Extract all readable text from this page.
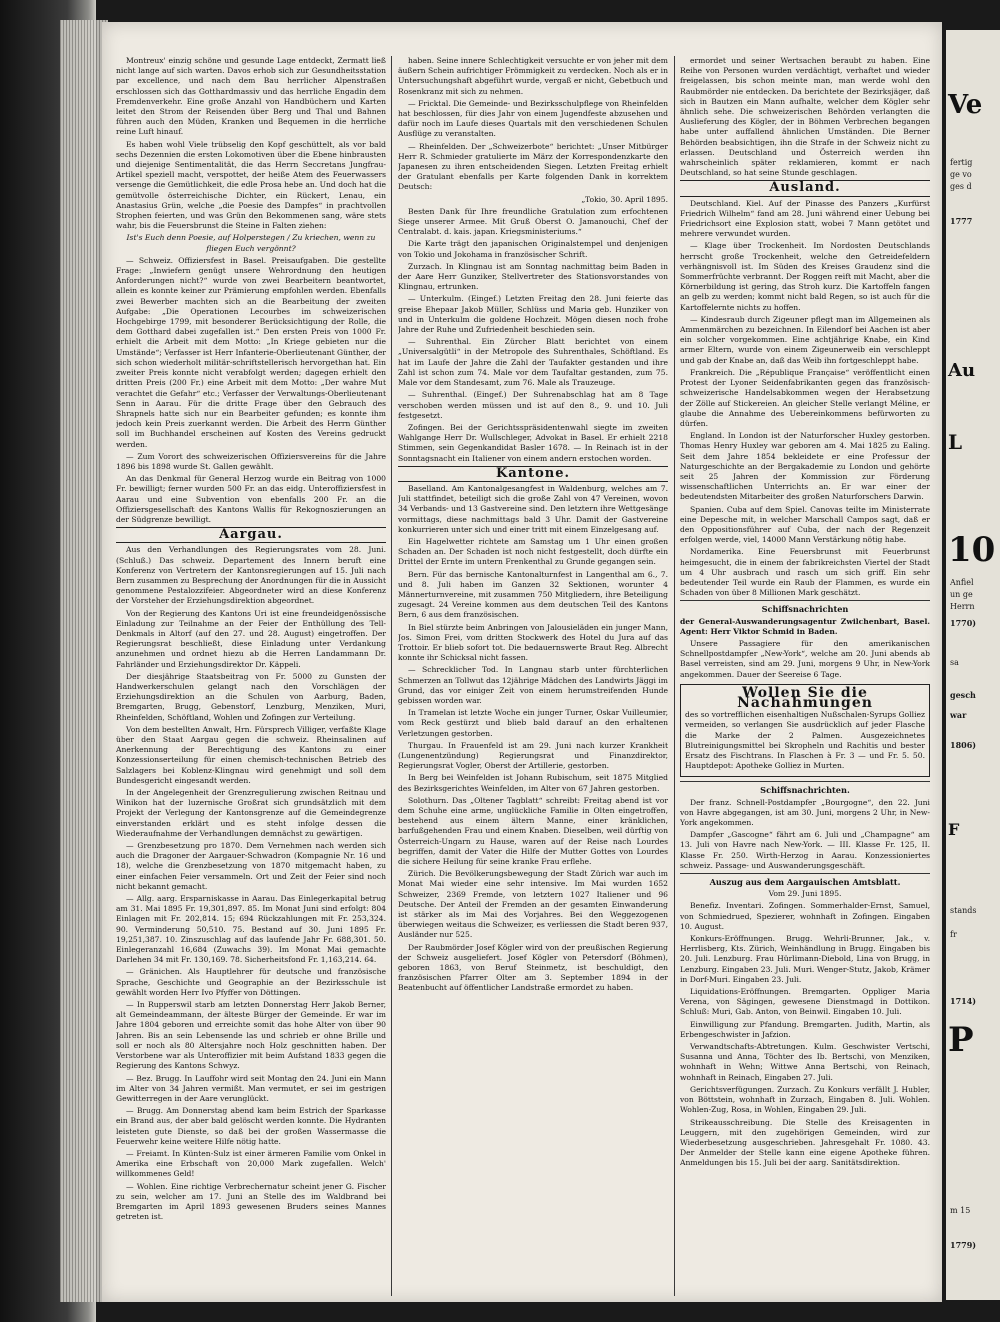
Montreux' einzig schöne und gesunde Lage entdeckt, Zermatt ließ nicht lange auf sich warten. Davos erhob sich zur Gesundheitsstation par excellence, und nach dem Bau herrlicher Alpenstraßen erschlossen sich das Gotthardmassiv und das herrliche Engadin dem Fremdenverkehr. Eine große Anzahl von Handbüchern und Karten leitet den Strom der Reisenden über Berg und Thal und Bahnen führen auch den Müden, Kranken und Bequemen in die herrliche reine Luft hinauf.

Es haben wohl Viele trübselig den Kopf geschüttelt, als vor bald sechs Dezennien die ersten Lokomotiven über die Ebene hinbrausten und diejenige Sentimentalität, die das Herrn Seccretans Jungfrau-Artikel speziell macht, verspottet, der heiße Atem des Feuerwassers versenge die Gemütlichkeit, die edle Prosa hebe an. Und doch hat die gemütvolle österreichische Dichter, ein Rückert, Lenau, ein Anastasius Grün, welche „die Poesie des Dampfes“ in prachtvollen Strophen feierten, und was Grün den Bekommenen sang, wäre stets wahr, bis die Feuersbrunst die Steine in Falten ziehen:

Ist's Euch denn Poesie, auf Holperstegen / Zu kriechen, wenn zu fliegen Euch vergönnt?

— Schweiz. Offiziersfest in Basel. Preisaufgaben. Die gestellte Frage: „Inwiefern genügt unsere Wehrordnung den heutigen Anforderungen nicht?“ wurde von zwei Bearbeitern beantwortet, allein es konnte keiner zur Prämierung empfohlen werden. Ebenfalls zwei Bewerber machten sich an die Bearbeitung der zweiten Aufgabe: „Die Operationen Lecourbes im schweizerischen Hochgebirge 1799, mit besonderer Berücksichtigung der Rolle, die dem Gotthard dabei zugefallen ist.“ Den ersten Preis von 1000 Fr. erhielt die Arbeit mit dem Motto: „In Kriege gebieten nur die Umstände“; Verfasser ist Herr Infanterie-Oberlieutenant Günther, der sich schon wiederholt militär-schriftstellerisch hervorgethan hat. Ein zweiter Preis konnte nicht verabfolgt werden; dagegen erhielt den dritten Preis (200 Fr.) eine Arbeit mit dem Motto: „Der wahre Mut verachtet die Gefahr“ etc.; Verfasser der Verwaltungs-Oberlieutenant Senn in Aarau. Für die dritte Frage über den Gebrauch des Shrapnels hatte sich nur ein Bearbeiter gefunden; es konnte ihm jedoch kein Preis zuerkannt werden. Die Arbeit des Herrn Günther soll im Buchhandel erscheinen auf Kosten des Vereins gedruckt werden.

— Zum Vorort des schweizerischen Offiziersvereins für die Jahre 1896 bis 1898 wurde St. Gallen gewählt.

An das Denkmal für General Herzog wurde ein Beitrag von 1000 Fr. bewilligt; ferner wurden 500 Fr. an das eidg. Unteroffiziersfest in Aarau und eine Subvention von ebenfalls 200 Fr. an die Offiziersgesellschaft des Kantons Wallis für Rekognoszierungen an der Südgrenze bewilligt.

Aargau.

Aus den Verhandlungen des Regierungsrates vom 28. Juni. (Schluß.) Das schweiz. Departement des Innern beruft eine Konferenz von Vertretern der Kantonsregierungen auf 15. Juli nach Bern zusammen zu Besprechung der Anordnungen für die in Aussicht genommene Pestalozzifeier. Abgeordneter wird an diese Konferenz der Vorsteher der Erziehungsdirektion abgeordnet.

Von der Regierung des Kantons Uri ist eine freundeidgenössische Einladung zur Teilnahme an der Feier der Enthüllung des Tell-Denkmals in Altorf (auf den 27. und 28. August) eingetroffen. Der Regierungsrat beschließt, diese Einladung unter Verdankung anzunehmen und ordnet hiezu ab die Herren Landammann Dr. Fahrländer und Erziehungsdirektor Dr. Käppeli.

Der diesjährige Staatsbeitrag von Fr. 5000 zu Gunsten der Handwerkerschulen gelangt nach den Vorschlägen der Erziehungsdirektion an die Schulen von Aarburg, Baden, Bremgarten, Brugg, Gebenstorf, Lenzburg, Menziken, Muri, Rheinfelden, Schöftland, Wohlen und Zofingen zur Verteilung.

Von dem bestellten Anwalt, Hrn. Fürsprech Villiger, verfaßte Klage über den Staat Aargau gegen die schweiz. Rheinsalinen auf Anerkennung der Berechtigung des Kantons zu einer Konzessionserteilung für einen chemisch-technischen Betrieb des Salzlagers bei Koblenz-Klingnau wird genehmigt und soll dem Bundesgericht eingesandt werden.

In der Angelegenheit der Grenzregulierung zwischen Reitnau und Winikon hat der luzernische Großrat sich grundsätzlich mit dem Projekt der Verlegung der Kantonsgrenze auf die Gemeindegrenze einverstanden erklärt und es steht infolge dessen die Wiederaufnahme der Verhandlungen demnächst zu gewärtigen.

— Grenzbesetzung pro 1870. Dem Vernehmen nach werden sich auch die Dragoner der Aargauer-Schwadron (Kompagnie Nr. 16 und 18), welche die Grenzbesetzung von 1870 mitgemacht haben, zu einer einfachen Feier versammeln. Ort und Zeit der Feier sind noch nicht bekannt gemacht.

— Allg. aarg. Ersparniskasse in Aarau. Das Einlegerkapital betrug am 31. Mai 1895 Fr. 19,301,897. 85. Im Monat Juni sind erfolgt: 804 Einlagen mit Fr. 202,814. 15; 694 Rückzahlungen mit Fr. 253,324. 90. Verminderung 50,510. 75. Bestand auf 30. Juni 1895 Fr. 19,251,387. 10. Zinszuschlag auf das laufende Jahr Fr. 688,301. 50. Einlegeranzahl 16,684 (Zuwachs 39). Im Monat Mai gemachte Darlehen 34 mit Fr. 130,169. 78. Sicherheitsfond Fr. 1,163,214. 64.

— Gränichen. Als Hauptlehrer für deutsche und französische Sprache, Geschichte und Geographie an der Bezirksschule ist gewählt worden Herr Ivo Pfyffer von Döttingen.

— In Rupperswil starb am letzten Donnerstag Herr Jakob Berner, alt Gemeindeammann, der älteste Bürger der Gemeinde. Er war im Jahre 1804 geboren und erreichte somit das hohe Alter von über 90 Jahren. Bis an sein Lebensende las und schrieb er ohne Brille und soll er noch als 80 Altersjahre noch Holz geschnitten haben. Der Verstorbene war als Unteroffizier mit beim Aufstand 1833 gegen die Regierung des Kantons Schwyz.

— Bez. Brugg. In Lauffohr wird seit Montag den 24. Juni ein Mann im Alter von 34 Jahren vermißt. Man vermutet, er sei im gestrigen Gewitterregen in der Aare verunglückt.

— Brugg. Am Donnerstag abend kam beim Estrich der Sparkasse ein Brand aus, der aber bald gelöscht werden konnte. Die Hydranten leisteten gute Dienste, so daß bei der großen Wassermasse die Feuerwehr keine weitere Hilfe nötig hatte.

— Freiamt. In Künten-Sulz ist einer ärmeren Familie vom Onkel in Amerika eine Erbschaft von 20,000 Mark zugefallen. Welch' willkommenes Geld!

— Wohlen. Eine richtige Verbrechernatur scheint jener G. Fischer zu sein, welcher am 17. Juni an Stelle des im Waldbrand bei Bremgarten im April 1893 gewesenen Bruders seines Mannes getreten ist.

haben. Seine innere Schlechtigkeit versuchte er von jeher mit dem äußern Schein aufrichtiger Frömmigkeit zu verdecken. Noch als er in Untersuchungshaft abgeführt wurde, vergaß er nicht, Gebetbuch und Rosenkranz mit sich zu nehmen.

— Fricktal. Die Gemeinde- und Bezirksschulpflege von Rheinfelden hat beschlossen, für dies Jahr von einem Jugendfeste abzusehen und dafür noch im Laufe dieses Quartals mit den verschiedenen Schulen Ausflüge zu veranstalten.

— Rheinfelden. Der „Schweizerbote“ berichtet: „Unser Mitbürger Herr R. Schmieder gratulierte im März der Korrespondenzkarte den Japanesen zu ihren entscheidenden Siegen. Letzten Freitag erhielt der Gratulant ebenfalls per Karte folgenden Dank in korrektem Deutsch:

„Tokio, 30. April 1895.

Besten Dank für Ihre freundliche Gratulation zum erfochtenen Siege unserer Armee. Mit Gruß Oberst O. Jamanouchi, Chef der Centralabt. d. kais. japan. Kriegsministeriums.“

Die Karte trägt den japanischen Originalstempel und denjenigen von Tokio und Jokohama in französischer Schrift.

Zurzach. In Klingnau ist am Sonntag nachmittag beim Baden in der Aare Herr Gunziker, Stellvertreter des Stationsvorstandes von Klingnau, ertrunken.

— Unterkulm. (Eingef.) Letzten Freitag den 28. Juni feierte das greise Ehepaar Jakob Müller, Schlüss und Maria geb. Hunziker von und in Unterkulm die goldene Hochzeit. Mögen diesen noch frohe Jahre der Ruhe und Zufriedenheit beschieden sein.

— Suhrenthal. Ein Zürcher Blatt berichtet von einem „Universalgütli“ in der Metropole des Suhrenthales, Schöftland. Es hat im Laufe der Jahre die Zahl der Taufakter gestanden und ihre Zahl ist schon zum 74. Male vor dem Taufaltar gestanden, zum 75. Male vor dem Standesamt, zum 76. Male als Trauzeuge.

— Suhrenthal. (Eingef.) Der Suhrenabschlag hat am 8 Tage verschoben werden müssen und ist auf den 8., 9. und 10. Juli festgesetzt.

Zofingen. Bei der Gerichtsspräsidentenwahl siegte im zweiten Wahlgange Herr Dr. Wullschleger, Advokat in Basel. Er erhielt 2218 Stimmen, sein Gegenkandidat Basler 1678. — In Reinach ist in der Sonntagsnacht ein Italiener von einem andern erstochen worden.

Kantone.

Baselland. Am Kantonalgesangfest in Waldenburg, welches am 7. Juli stattfindet, beteiligt sich die große Zahl von 47 Vereinen, wovon 34 Verbands- und 13 Gastvereine sind. Den letztern ihre Wettgesänge vormittags, diese nachmittags bald 3 Uhr. Damit der Gastvereine konkurrieren unter sich und einer tritt mit einem Einzelgesang auf.

Ein Hagelwetter richtete am Samstag um 1 Uhr einen großen Schaden an. Der Schaden ist noch nicht festgestellt, doch dürfte ein Drittel der Ernte im untern Frenkenthal zu Grunde gegangen sein.

Bern. Für das bernische Kantonalturnfest in Langenthal am 6., 7. und 8. Juli haben im Ganzen 32 Sektionen, worunter 4 Männerturnvereine, mit zusammen 750 Mitgliedern, ihre Beteiligung zugesagt. 24 Vereine kommen aus dem deutschen Teil des Kantons Bern, 6 aus dem französischen.

In Biel stürzte beim Anbringen von Jalousieläden ein junger Mann, Jos. Simon Frei, vom dritten Stockwerk des Hotel du Jura auf das Trottoir. Er blieb sofort tot. Die bedauernswerte Braut Reg. Albrecht konnte ihr Schicksal nicht fassen.

— Schrecklicher Tod. In Langnau starb unter fürchterlichen Schmerzen an Tollwut das 12jährige Mädchen des Landwirts Jäggi im Grund, das vor einiger Zeit von einem herumstreifenden Hunde gebissen worden war.

In Tramelan ist letzte Woche ein junger Turner, Oskar Vuilleumier, vom Reck gestürzt und blieb bald darauf an den erhaltenen Verletzungen gestorben.

Thurgau. In Frauenfeld ist am 29. Juni nach kurzer Krankheit (Lungenentzündung) Regierungsrat und Finanzdirektor, Regierungsrat Vogler, Oberst der Artillerie, gestorben.

In Berg bei Weinfelden ist Johann Rubischum, seit 1875 Mitglied des Bezirksgerichtes Weinfelden, im Alter von 67 Jahren gestorben.

Solothurn. Das „Oltener Tagblatt“ schreibt: Freitag abend ist vor dem Schuhe eine arme, unglückliche Familie in Olten eingetroffen, bestehend aus einem ältern Manne, einer kränklichen, barfußgehenden Frau und einem Knaben. Dieselben, weil dürftig von Österreich-Ungarn zu Hause, waren auf der Reise nach Lourdes begriffen, damit der Vater die Hilfe der Mutter Gottes von Lourdes die sichere Heilung für seine kranke Frau erflehe.

Zürich. Die Bevölkerungsbewegung der Stadt Zürich war auch im Monat Mai wieder eine sehr intensive. Im Mai wurden 1652 Schweizer, 2369 Fremde, von letztern 1027 Italiener und 96 Deutsche. Der Anteil der Fremden an der gesamten Einwanderung ist stärker als im Mai des Vorjahres. Bei den Weggezogenen überwiegen weitaus die Schweizer, es verliessen die Stadt beren 937, Ausländer nur 525.

Der Raubmörder Josef Kögler wird von der preußischen Regierung der Schweiz ausgeliefert. Josef Kögler von Petersdorf (Böhmen), geboren 1863, von Beruf Steinmetz, ist beschuldigt, den französischen Pfarrer Olter am 3. September 1894 in der Beatenbucht auf öffentlicher Landstraße ermordet zu haben.

ermordet und seiner Wertsachen beraubt zu haben. Eine Reihe von Personen wurden verdächtigt, verhaftet und wieder freigelassen, bis schon meinte man, man werde wohl den Raubmörder nie entdecken. Da berichtete der Bezirksjäger, daß sich in Bautzen ein Mann aufhalte, welcher dem Kögler sehr ähnlich sehe. Die schweizerischen Behörden verlangten die Auslieferung des Kögler, der in Böhmen Verbrechen begangen habe unter auffallend ähnlichen Umständen. Die Berner Behörden beabsichtigen, ihn die Strafe in der Schweiz nicht zu erlassen. Deutschland und Österreich werden ihn wahrscheinlich später reklamieren, kommt er nach Deutschland, so hat seine Stunde geschlagen.

Ausland.

Deutschland. Kiel. Auf der Pinasse des Panzers „Kurfürst Friedrich Wilhelm“ fand am 28. Juni während einer Uebung bei Friedrichsort eine Explosion statt, wobei 7 Mann getötet und mehrere verwundet wurden.

— Klage über Trockenheit. Im Nordosten Deutschlands herrscht große Trockenheit, welche den Getreidefeldern verhängnisvoll ist. Im Süden des Kreises Graudenz sind die Sommerfrüchte verbrannt. Der Roggen reift mit Macht, aber die Körnerbildung ist gering, das Stroh kurz. Die Kartoffeln fangen an gelb zu werden; kommt nicht bald Regen, so ist auch für die Kartoffelernte nichts zu hoffen.

— Kindesraub durch Zigeuner pflegt man im Allgemeinen als Ammenmärchen zu bezeichnen. In Eilendorf bei Aachen ist aber ein solcher vorgekommen. Eine achtjährige Knabe, ein Kind armer Eltern, wurde von einem Zigeunerweib ein verschleppt und gab der Knabe an, daß das Weib ihn fortgeschleppt habe.

Frankreich. Die „République Française“ veröffentlicht einen Protest der Lyoner Seidenfabrikanten gegen das französisch-schweizerische Handelsabkommen wegen der Herabsetzung der Zölle auf Stickereien. An gleicher Stelle verlangt Méline, er glaube die Annahme des Uebereinkommens befürworten zu dürfen.

England. In London ist der Naturforscher Huxley gestorben. Thomas Henry Huxley war geboren am 4. Mai 1825 zu Ealing. Seit dem Jahre 1854 bekleidete er eine Professur der Naturgeschichte an der Bergakademie zu London und gehörte seit 25 Jahren der Kommission zur Förderung wissenschaftlichen Unterrichts an. Er war einer der bedeutendsten Mitarbeiter des großen Naturforschers Darwin.

Spanien. Cuba auf dem Spiel. Canovas teilte im Ministerrate eine Depesche mit, in welcher Marschall Campos sagt, daß er den Oppositionsführer auf Cuba, der nach der Regenzeit erfolgen werde, viel, 14000 Mann Verstärkung nötig habe.

Nordamerika. Eine Feuersbrunst mit Feuerbrunst heimgesucht, die in einem der fabrikreichsten Viertel der Stadt um 4 Uhr ausbrach und rasch um sich griff. Ein sehr bedeutender Teil wurde ein Raub der Flammen, es wurde ein Schaden von über 8 Millionen Mark geschätzt.

Schiffsnachrichten

der General-Auswanderungsagentur Zwilchenbart, Basel. Agent: Herr Viktor Schmid in Baden.

Unsere Passagiere für den amerikanischen Schnellpostdampfer „New-York“, welche am 20. Juni abends ab Basel verreisten, sind am 29. Juni, morgens 9 Uhr, in New-York angekommen. Dauer der Seereise 6 Tage.

Wollen Sie die Nachahmungen

des so vortrefflichen eisenhaltigen Nußschalen-Syrups Golliez vermeiden, so verlangen Sie ausdrücklich auf jeder Flasche die Marke der 2 Palmen. Ausgezeichnetes Blutreinigungsmittel bei Skropheln und Rachitis und bester Ersatz des Fischtrans. In Flaschen à Fr. 3 — und Fr. 5. 50. Hauptdepot: Apotheke Golliez in Murten.

Schiffsnachrichten.

Der franz. Schnell-Postdampfer „Bourgogne“, den 22. Juni von Havre abgegangen, ist am 30. Juni, morgens 2 Uhr, in New-York angekommen.

Dampfer „Gascogne“ fährt am 6. Juli und „Champagne“ am 13. Juli von Havre nach New-York. — III. Klasse Fr. 125, II. Klasse Fr. 250. Wirth-Herzog in Aarau. Konzessioniertes schweiz. Passage- und Auswanderungsgeschäft.

Auszug aus dem Aargauischen Amtsblatt.

Vom 29. Juni 1895.

Benefiz. Inventari. Zofingen. Sommerhalder-Ernst, Samuel, von Schmiedrued, Spezierer, wohnhaft in Zofingen. Eingaben 10. August.

Konkurs-Eröffnungen. Brugg. Wehrli-Brunner, Jak., v. Herrlisberg, Kts. Zürich, Weinhändlung in Brugg. Eingaben bis 20. Juli. Lenzburg. Frau Hürlimann-Diebold, Lina von Brugg, in Lenzburg. Eingaben 23. Juli. Muri. Wenger-Stutz, Jakob, Krämer in Dorf-Muri. Eingaben 23. Juli.

Liquidations-Eröffnungen. Bremgarten. Oppliger Maria Verena, von Sägingen, gewesene Dienstmagd in Dottikon. Schluß: Muri, Gab. Anton, von Beinwil. Eingaben 10. Juli.

Einwilligung zur Pfandung. Bremgarten. Judith, Martin, als Erbengeschwister in Jafzion.

Verwandtschafts-Abtretungen. Kulm. Geschwister Vertschi, Susanna und Anna, Töchter des Ib. Bertschi, von Menziken, wohnhaft in Wehn; Wittwe Anna Bertschi, von Reinach, wohnhaft in Reinach, Eingaben 27. Juli.

Gerichtsverfügungen. Zurzach. Zu Konkurs verfällt J. Hubler, von Böttstein, wohnhaft in Zurzach, Eingaben 8. Juli. Wohlen. Wohlen-Zug, Rosa, in Wohlen, Eingaben 29. Juli.

Strikeausschreibung. Die Stelle des Kreisagenten in Leuggern, mit den zugehörigen Gemeinden, wird zur Wiederbesetzung ausgeschrieben. Jahresgehalt Fr. 1080. 43. Der Anmelder der Stelle kann eine eigene Apotheke führen. Anmeldungen bis 15. Juli bei der aarg. Sanitätsdirektion.

Ve
fertig
ge vo
ges d
1777
Au
L
10
Anfiel
un ge
Herrn
1770)
sa
gesch
war
1806)
F
stands
fr
1714)
P
m 15
1779)
